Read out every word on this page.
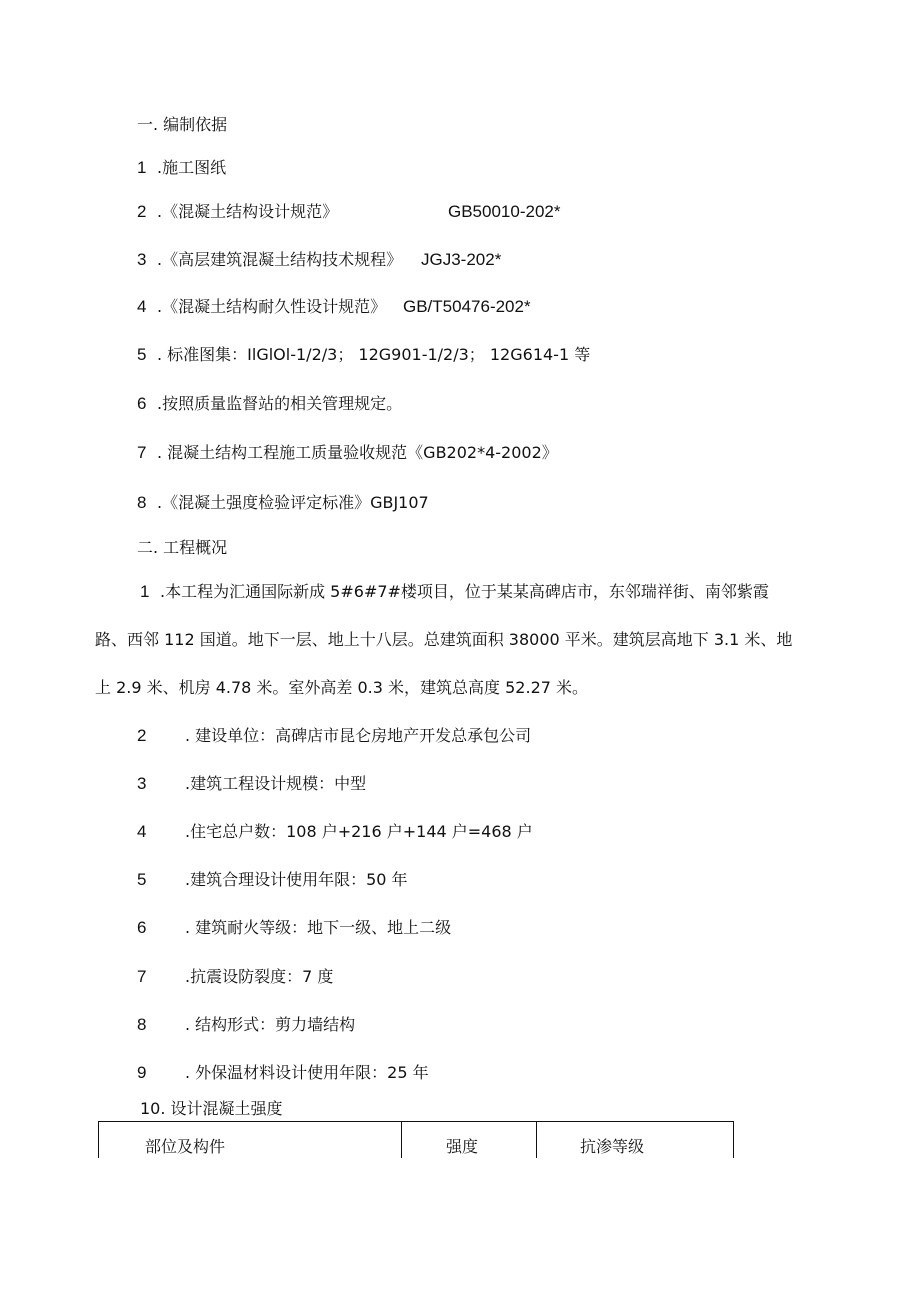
一. 编制依据
1 .施工图纸
2 .《混凝土结构设计规范》	GB50010-202*
3 .《高层建筑混凝土结构技术规程》 JGJ3-202*
4 .《混凝土结构耐久性设计规范》 GB/T50476-202*
5 . 标准图集：IlGlOl-1/2/3； 12G901-1/2/3； 12G614-1 等
6 .按照质量监督站的相关管理规定。
7 . 混凝土结构工程施工质量验收规范《GB202*4-2002》
8 .《混凝土强度检验评定标准》GBJ107
二. 工程概况
1 .本工程为汇通国际新成 5#6#7#楼项目，位于某某高碑店市，东邻瑞祥街、南邻紫霞
路、西邻 112 国道。地下一层、地上十八层。总建筑面积 38000 平米。建筑层高地下 3.1 米、地
上 2.9 米、机房 4.78 米。室外高差 0.3 米，建筑总高度 52.27 米。
2 . 建设单位：高碑店市昆仑房地产开发总承包公司
3 .建筑工程设计规模：中型
4 .住宅总户数：108 户+216 户+144 户=468 户
5 .建筑合理设计使用年限：50 年
6 . 建筑耐火等级：地下一级、地上二级
7 .抗震设防裂度：7 度
8 . 结构形式：剪力墙结构
9 . 外保温材料设计使用年限：25 年
10. 设计混凝土强度
部位及构件	强度	抗渗等级
